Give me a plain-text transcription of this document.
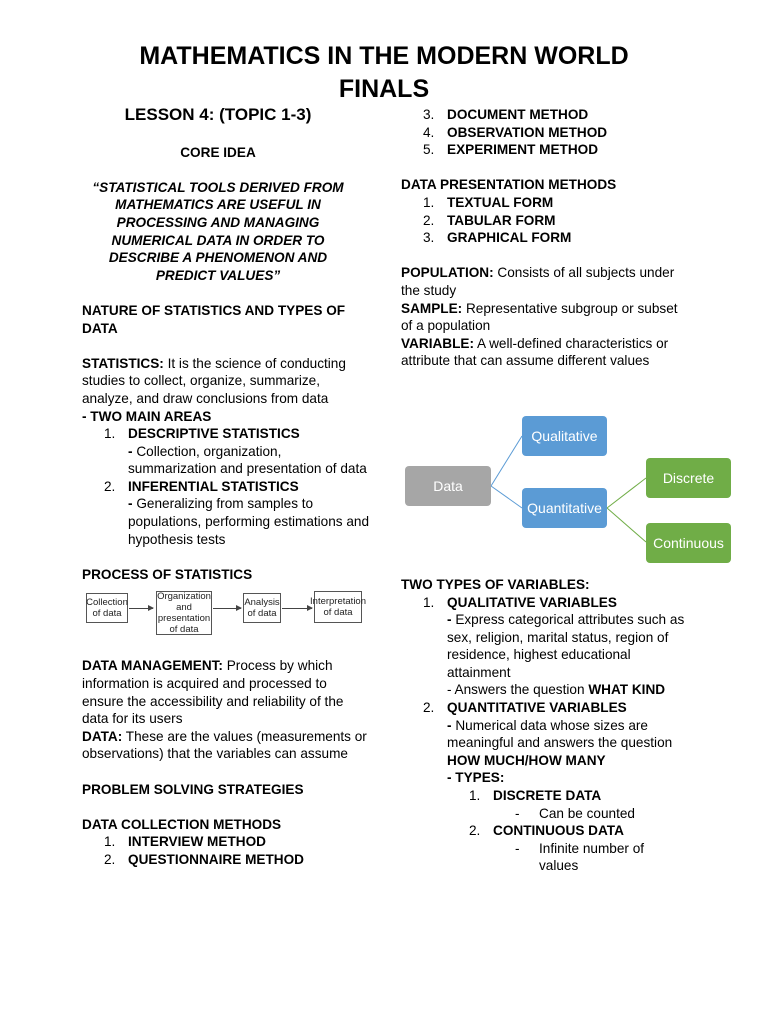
MATHEMATICS IN THE MODERN WORLD
FINALS
LESSON 4: (TOPIC 1-3)
CORE IDEA
“STATISTICAL TOOLS DERIVED FROM MATHEMATICS ARE USEFUL IN PROCESSING AND MANAGING NUMERICAL DATA IN ORDER TO DESCRIBE A PHENOMENON AND PREDICT VALUES”
NATURE OF STATISTICS AND TYPES OF DATA
STATISTICS: It is the science of conducting studies to collect, organize, summarize, analyze, and draw conclusions from data
- TWO MAIN AREAS
1. DESCRIPTIVE STATISTICS
- Collection, organization, summarization and presentation of data
2. INFERENTIAL STATISTICS
- Generalizing from samples to populations, performing estimations and hypothesis tests
PROCESS OF STATISTICS
Collection of data
Organization and presentation of data
Analysis of data
Interpretation of data
DATA MANAGEMENT: Process by which information is acquired and processed to ensure the accessibility and reliability of the data for its users
DATA: These are the values (measurements or observations) that the variables can assume
PROBLEM SOLVING STRATEGIES
DATA COLLECTION METHODS
1. INTERVIEW METHOD
2. QUESTIONNAIRE METHOD
3. DOCUMENT METHOD
4. OBSERVATION METHOD
5. EXPERIMENT METHOD
DATA PRESENTATION METHODS
1. TEXTUAL FORM
2. TABULAR FORM
3. GRAPHICAL FORM
POPULATION: Consists of all subjects under the study
SAMPLE: Representative subgroup or subset of a population
VARIABLE: A well-defined characteristics or attribute that can assume different values
TWO TYPES OF VARIABLES:
1. QUALITATIVE VARIABLES
- Express categorical attributes such as sex, religion, marital status, region of residence, highest educational attainment
- Answers the question WHAT KIND
2. QUANTITATIVE VARIABLES
- Numerical data whose sizes are meaningful and answers the question HOW MUCH/HOW MANY
- TYPES:
1. DISCRETE DATA
-	Can be counted
2. CONTINUOUS DATA
-	Infinite number of values
Data
Qualitative
Quantitative
Discrete
Continuous
